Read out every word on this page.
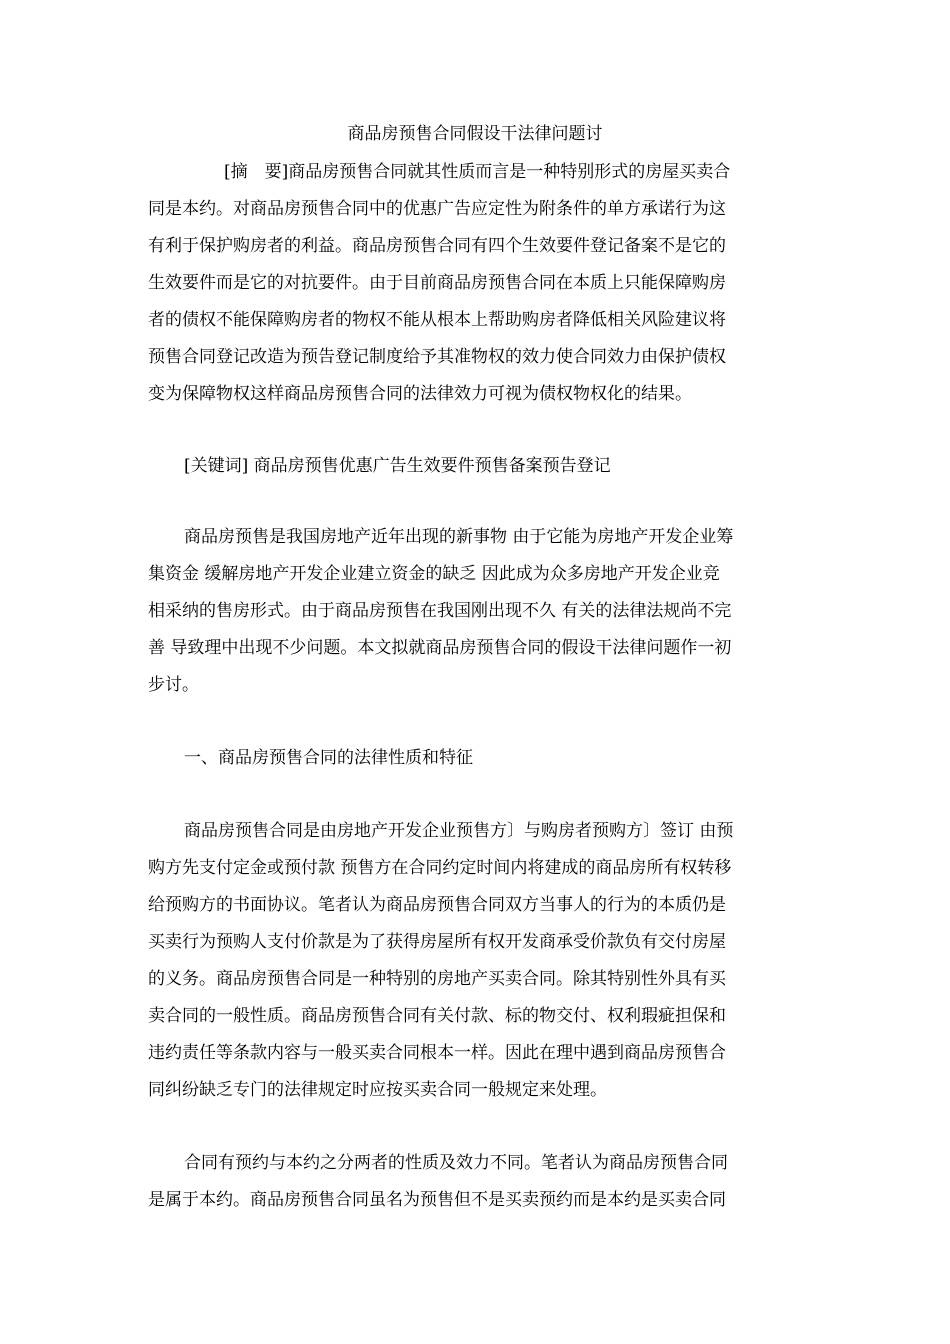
商品房预售合同假设干法律问题讨
[摘　要]商品房预售合同就其性质而言是一种特别形式的房屋买卖合
同是本约。对商品房预售合同中的优惠广告应定性为附条件的单方承诺行为这
有利于保护购房者的利益。商品房预售合同有四个生效要件登记备案不是它的
生效要件而是它的对抗要件。由于目前商品房预售合同在本质上只能保障购房
者的债权不能保障购房者的物权不能从根本上帮助购房者降低相关风险建议将
预售合同登记改造为预告登记制度给予其准物权的效力使合同效力由保护债权
变为保障物权这样商品房预售合同的法律效力可视为债权物权化的结果。
[关键词] 商品房预售优惠广告生效要件预售备案预告登记
商品房预售是我国房地产近年出现的新事物 由于它能为房地产开发企业筹
集资金 缓解房地产开发企业建立资金的缺乏 因此成为众多房地产开发企业竞
相采纳的售房形式。由于商品房预售在我国刚出现不久 有关的法律法规尚不完
善 导致理中出现不少问题。本文拟就商品房预售合同的假设干法律问题作一初
步讨。
一、商品房预售合同的法律性质和特征
商品房预售合同是由房地产开发企业预售方〕与购房者预购方〕签订 由预
购方先支付定金或预付款 预售方在合同约定时间内将建成的商品房所有权转移
给预购方的书面协议。笔者认为商品房预售合同双方当事人的行为的本质仍是
买卖行为预购人支付价款是为了获得房屋所有权开发商承受价款负有交付房屋
的义务。商品房预售合同是一种特别的房地产买卖合同。除其特别性外具有买
卖合同的一般性质。商品房预售合同有关付款、标的物交付、权利瑕疵担保和
违约责任等条款内容与一般买卖合同根本一样。因此在理中遇到商品房预售合
同纠纷缺乏专门的法律规定时应按买卖合同一般规定来处理。
合同有预约与本约之分两者的性质及效力不同。笔者认为商品房预售合同
是属于本约。商品房预售合同虽名为预售但不是买卖预约而是本约是买卖合同
